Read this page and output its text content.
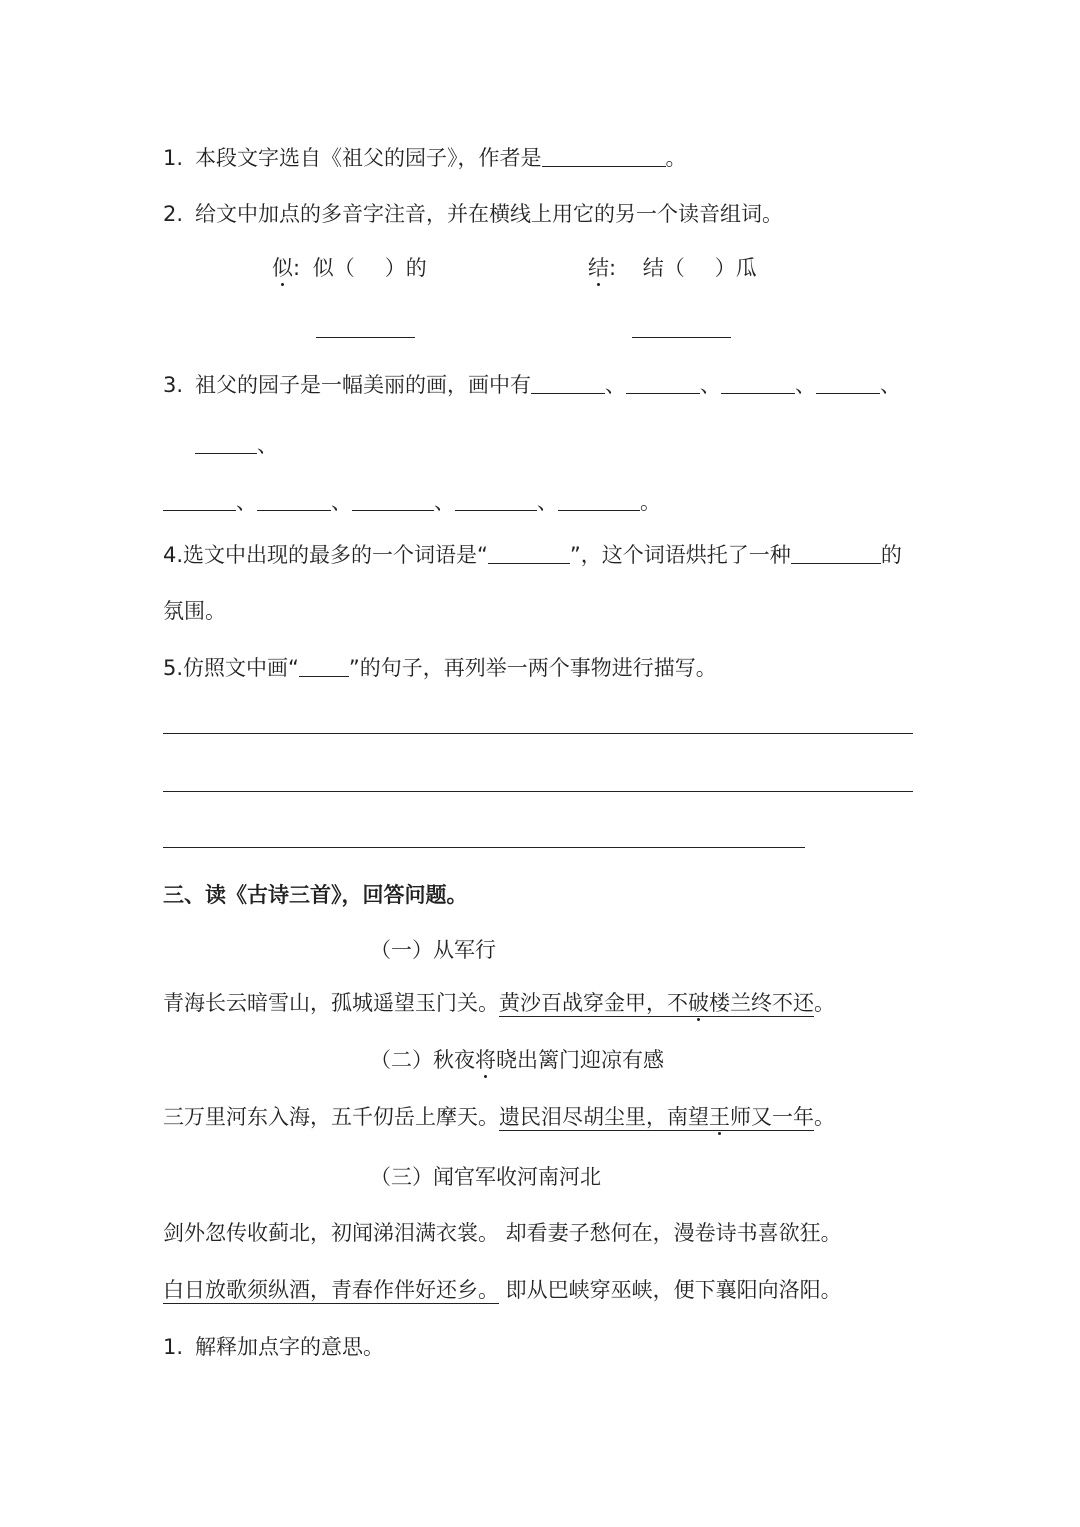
1. 本段文字选自《祖父的园子》，作者是	。
2. 给文中加点的多音字注音，并在横线上用它的另一个读音组词。
似: 似（ ）的	结: 结（ ）瓜
3. 祖父的园子是一幅美丽的画，画中有	、	、	、	、
、
、	、	、	、	。
4.选文中出现的最多的一个词语是“	”，这个词语烘托了一种	的
氛围。
5.仿照文中画“ ”的句子，再列举一两个事物进行描写。
三、读《古诗三首》，回答问题。
（一）从军行
青海长云暗雪山，孤城遥望玉门关。黄沙百战穿金甲，不破楼兰终不还。
（二）秋夜将晓出篱门迎凉有感
三万里河东入海，五千仞岳上摩天。遗民泪尽胡尘里，南望王师又一年。
（三）闻官军收河南河北
剑外忽传收蓟北，初闻涕泪满衣裳。 却看妻子愁何在，漫卷诗书喜欲狂。
白日放歌须纵酒，青春作伴好还乡。 即从巴峡穿巫峡，便下襄阳向洛阳。
1. 解释加点字的意思。
